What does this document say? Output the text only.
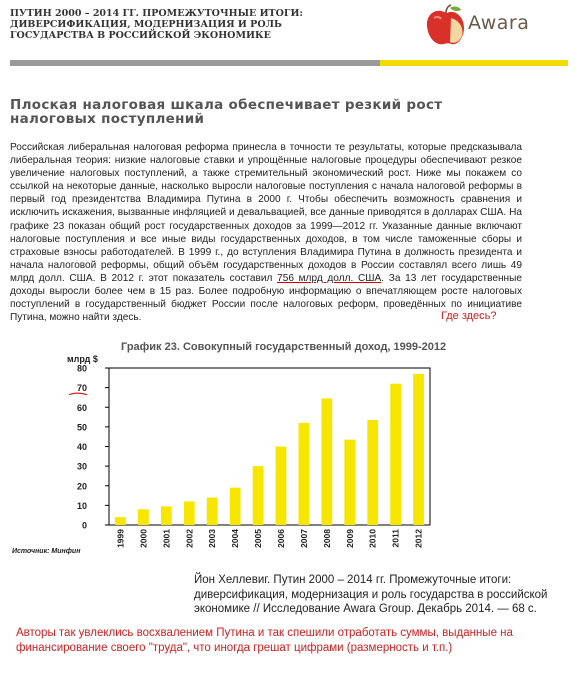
ПУТИН 2000 – 2014 ГГ. ПРОМЕЖУТОЧНЫЕ ИТОГИ: ДИВЕРСИФИКАЦИЯ, МОДЕРНИЗАЦИЯ И РОЛЬ ГОСУДАРСТВА В РОССИЙСКОЙ ЭКОНОМИКЕ
Awara
Плоская налоговая шкала обеспечивает резкий рост налоговых поступлений

Российская либеральная налоговая реформа принесла в точности те результаты, которые предсказывала либеральная теория: низкие налоговые ставки и упрощённые налоговые процедуры обеспечивают резкое увеличение налоговых поступлений, а также стремительный экономический рост. Ниже мы покажем со ссылкой на некоторые данные, насколько выросли налоговые поступления с начала налоговой реформы в первый год президентства Владимира Путина в 2000 г. Чтобы обеспечить возможность сравнения и исключить искажения, вызванные инфляцией и девальвацией, все данные приводятся в долларах США. На графике 23 показан общий рост государственных доходов за 1999—2012 гг. Указанные данные включают налоговые поступления и все иные виды государственных доходов, в том числе таможенные сборы и страховые взносы работодателей. В 1999 г., до вступления Владимира Путина в должность президента и начала налоговой реформы, общий объём государственных доходов в России составлял всего лишь 49 млрд долл. США. В 2012 г. этот показатель составил 756 млрд долл. США. За 13 лет государственные доходы выросли более чем в 15 раз. Более подробную информацию о впечатляющем росте налоговых поступлений в государственный бюджет России после налоговых реформ, проведённых по инициативе Путина, можно найти здесь.	Где здесь?
График 23. Совокупный государственный доход, 1999-2012
млрд $
0
10
20
30
40
50
60
70
80
1999 2000 2001 2002 2003 2004 2005 2006 2007 2008 2009 2010 2011 2012
Источник: Минфин
Йон Хеллевиг. Путин 2000 – 2014 гг. Промежуточные итоги: диверсификация, модернизация и роль государства в российской экономике // Исследование Awara Group. Декабрь 2014. — 68 с.
Авторы так увлеклись восхвалением Путина и так спешили отработать суммы, выданные на финансирование своего "труда", что иногда грешат цифрами (размерность и т.п.)
